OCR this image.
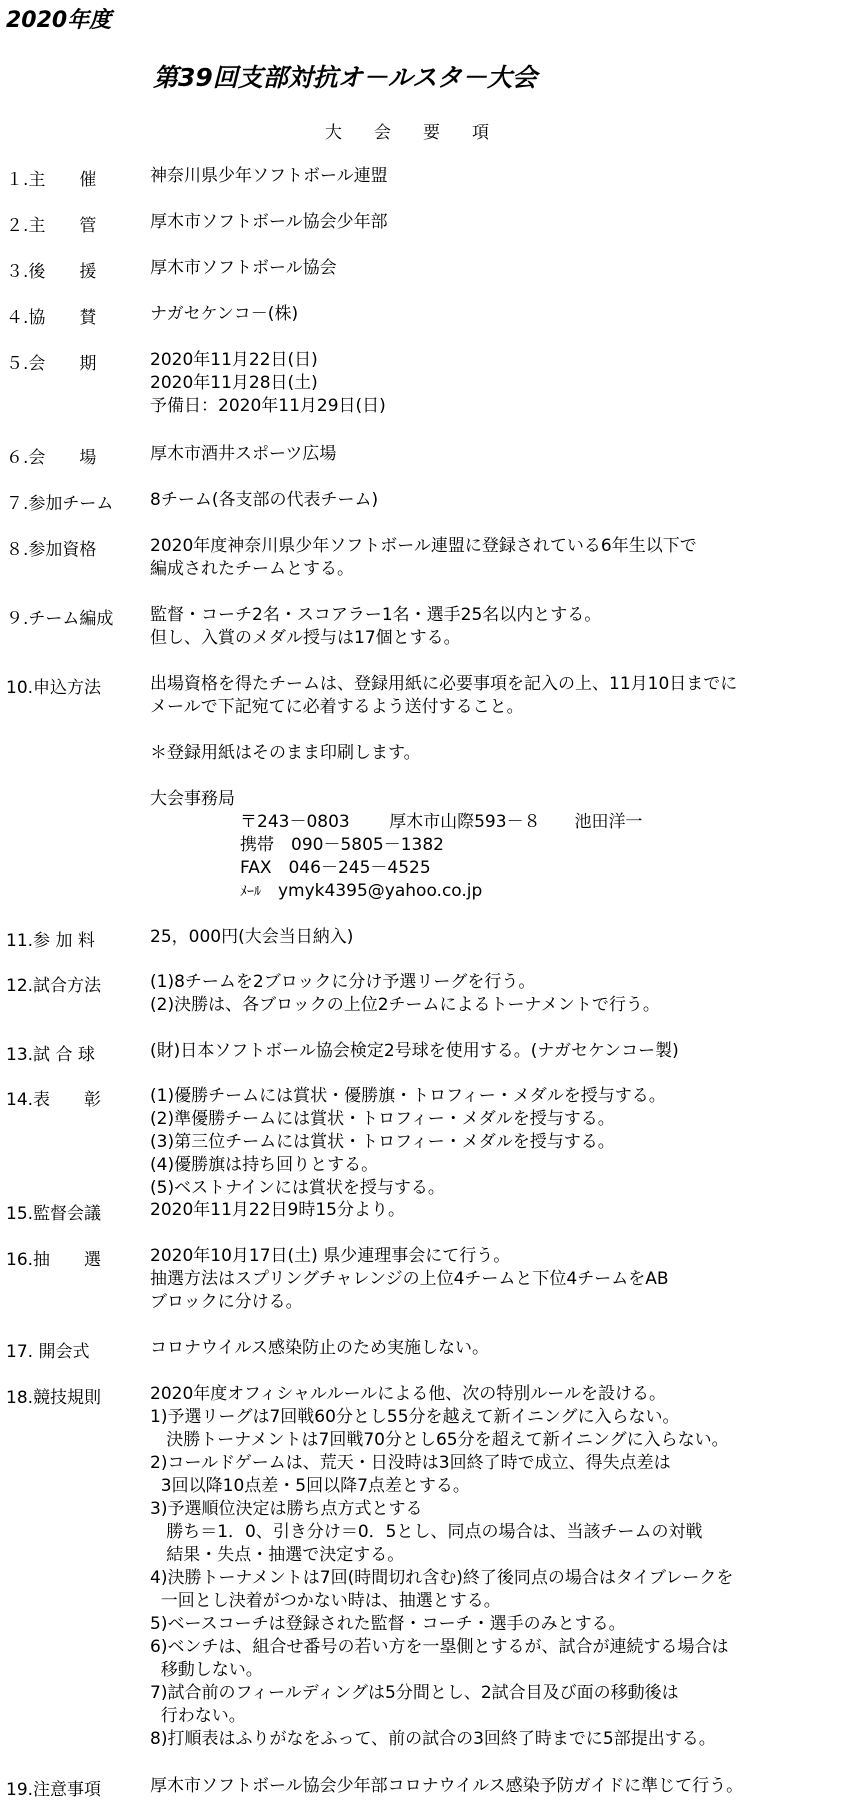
2020年度
第39回支部対抗オ－ルスタ－大会
大 会 要 項
１.主　　催	神奈川県少年ソフトボール連盟
２.主　　管	厚木市ソフトボール協会少年部
３.後　　援	厚木市ソフトボール協会
４.協　　賛	ナガセケンコ－(株)
５.会　　期	2020年11月22日(日)
2020年11月28日(土)
予備日：2020年11月29日(日)
６.会　　場	厚木市酒井スポーツ広場
７.参加チーム 8チーム(各支部の代表チーム)
８.参加資格	2020年度神奈川県少年ソフトボール連盟に登録されている6年生以下で
編成されたチームとする。
９.チーム編成 監督・コーチ2名・スコアラー1名・選手25名以内とする。
但し、入賞のメダル授与は17個とする。
10.申込方法	出場資格を得たチームは、登録用紙に必要事項を記入の上、11月10日までに
メールで下記宛てに必着するよう送付すること。
＊登録用紙はそのまま印刷します。
大会事務局
〒243－0803　　 厚木市山際593－８　　池田洋一
携帯　090－5805－1382
FAX　046－245－4525
ﾒｰﾙ　 ymyk4395@yahoo.co.jp
11.参 加 料	25，000円(大会当日納入)
12.試合方法	(1)8チームを2ブロックに分け予選リーグを行う。
(2)決勝は、各ブロックの上位2チームによるトーナメントで行う。
13.試 合 球	(財)日本ソフトボール協会検定2号球を使用する。(ナガセケンコー製)
14.表　　彰	(1)優勝チームには賞状・優勝旗・トロフィー・メダルを授与する。
(2)準優勝チームには賞状・トロフィー・メダルを授与する。
(3)第三位チームには賞状・トロフィー・メダルを授与する。
(4)優勝旗は持ち回りとする。
(5)ベストナインには賞状を授与する。
15.監督会議	2020年11月22日9時15分より。
16.抽　　選	2020年10月17日(土) 県少連理事会にて行う。
抽選方法はスプリングチャレンジの上位4チームと下位4チームをAB
ブロックに分ける。
17. 開会式	コロナウイルス感染防止のため実施しない。
18.競技規則	2020年度オフィシャルルールによる他、次の特別ルールを設ける。
1)予選リーグは7回戦60分とし55分を越えて新イニングに入らない。
決勝トーナメントは7回戦70分とし65分を超えて新イニングに入らない。
2)コールドゲームは、荒天・日没時は3回終了時で成立、得失点差は
3回以降10点差・5回以降7点差とする。
3)予選順位決定は勝ち点方式とする
勝ち＝1．0、引き分け＝0．5とし、同点の場合は、当該チームの対戦
結果・失点・抽選で決定する。
4)決勝トーナメントは7回(時間切れ含む)終了後同点の場合はタイブレークを
一回とし決着がつかない時は、抽選とする。
5)ベースコーチは登録された監督・コーチ・選手のみとする。
6)ベンチは、組合せ番号の若い方を一塁側とするが、試合が連続する場合は
移動しない。
7)試合前のフィールディングは5分間とし、2試合目及び面の移動後は
行わない。
8)打順表はふりがなをふって、前の試合の3回終了時までに5部提出する。
19.注意事項	厚木市ソフトボール協会少年部コロナウイルス感染予防ガイドに準じて行う。
